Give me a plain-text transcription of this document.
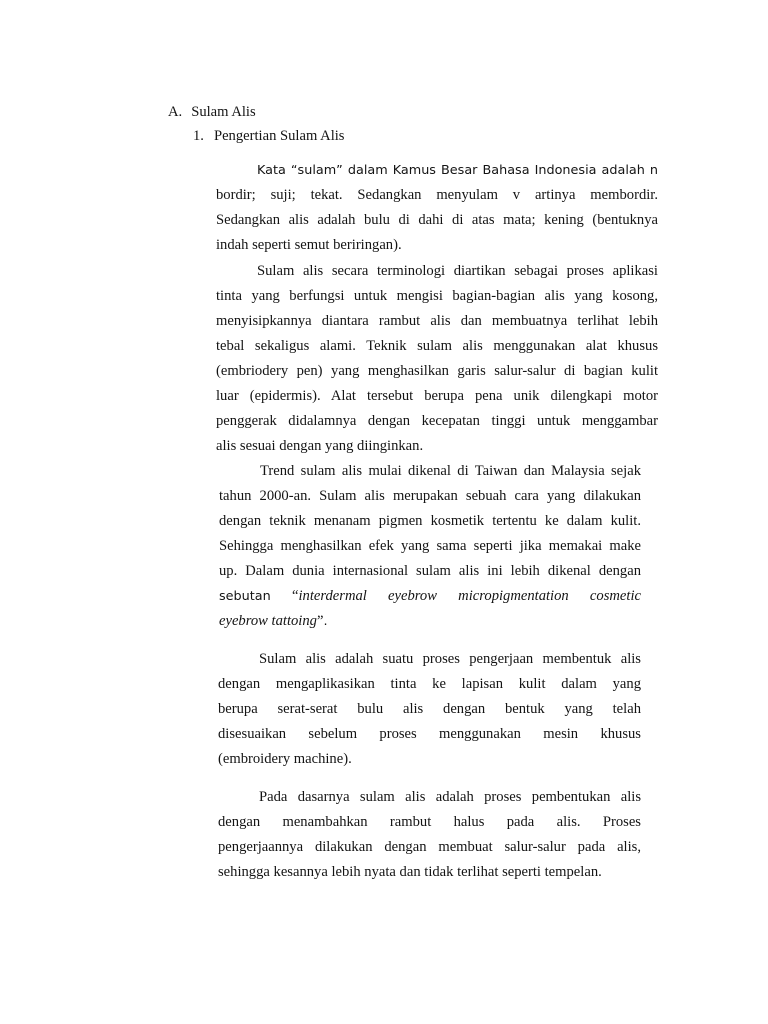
A. Sulam Alis
1. Pengertian Sulam Alis
Kata “sulam” dalam Kamus Besar Bahasa Indonesia adalah n
bordir; suji; tekat. Sedangkan menyulam v artinya membordir.
Sedangkan alis adalah bulu di dahi di atas mata; kening (bentuknya
indah seperti semut beriringan).
Sulam alis secara terminologi diartikan sebagai proses aplikasi
tinta yang berfungsi untuk mengisi bagian-bagian alis yang kosong,
menyisipkannya diantara rambut alis dan membuatnya terlihat lebih
tebal sekaligus alami. Teknik sulam alis menggunakan alat khusus
(embriodery pen) yang menghasilkan garis salur-salur di bagian kulit
luar (epidermis). Alat tersebut berupa pena unik dilengkapi motor
penggerak didalamnya dengan kecepatan tinggi untuk menggambar
alis sesuai dengan yang diinginkan.
Trend sulam alis mulai dikenal di Taiwan dan Malaysia sejak
tahun 2000-an. Sulam alis merupakan sebuah cara yang dilakukan
dengan teknik menanam pigmen kosmetik tertentu ke dalam kulit.
Sehingga menghasilkan efek yang sama seperti jika memakai make
up. Dalam dunia internasional sulam alis ini lebih dikenal dengan
sebutan “interdermal eyebrow micropigmentation cosmetic
eyebrow tattoing”.
Sulam alis adalah suatu proses pengerjaan membentuk alis
dengan mengaplikasikan tinta ke lapisan kulit dalam yang
berupa serat-serat bulu alis dengan bentuk yang telah
disesuaikan sebelum proses menggunakan mesin khusus
(embroidery machine).
Pada dasarnya sulam alis adalah proses pembentukan alis
dengan menambahkan rambut halus pada alis. Proses
pengerjaannya dilakukan dengan membuat salur-salur pada alis,
sehingga kesannya lebih nyata dan tidak terlihat seperti tempelan.
